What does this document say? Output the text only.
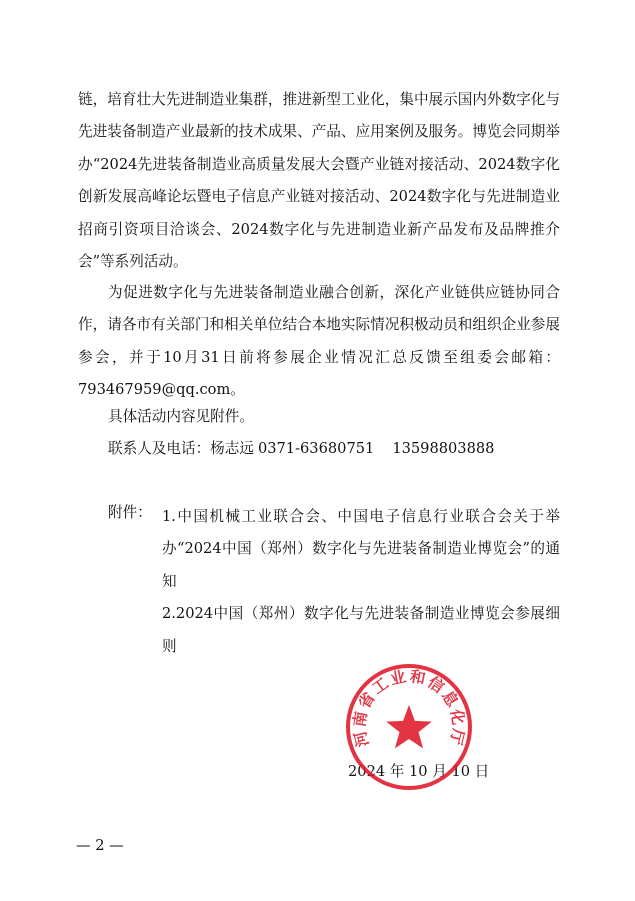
链，培育壮大先进制造业集群，推进新型工业化，集中展示国内外数字化与先进装备制造产业最新的技术成果、产品、应用案例及服务。博览会同期举办“2024先进装备制造业高质量发展大会暨产业链对接活动、2024数字化创新发展高峰论坛暨电子信息产业链对接活动、2024数字化与先进制造业招商引资项目洽谈会、2024数字化与先进制造业新产品发布及品牌推介会”等系列活动。

为促进数字化与先进装备制造业融合创新，深化产业链供应链协同合作，请各市有关部门和相关单位结合本地实际情况积极动员和组织企业参展参会，并于10月31日前将参展企业情况汇总反馈至组委会邮箱：793467959@qq.com。

具体活动内容见附件。

联系人及电话：杨志远 0371-63680751 13598803888

附件： 1.中国机械工业联合会、中国电子信息行业联合会关于举办“2024中国（郑州）数字化与先进装备制造业博览会”的通知
2.2024中国（郑州）数字化与先进装备制造业博览会参展细则
2024 年 10 月 10 日
河南省工业和信息化厅
— 2 —
